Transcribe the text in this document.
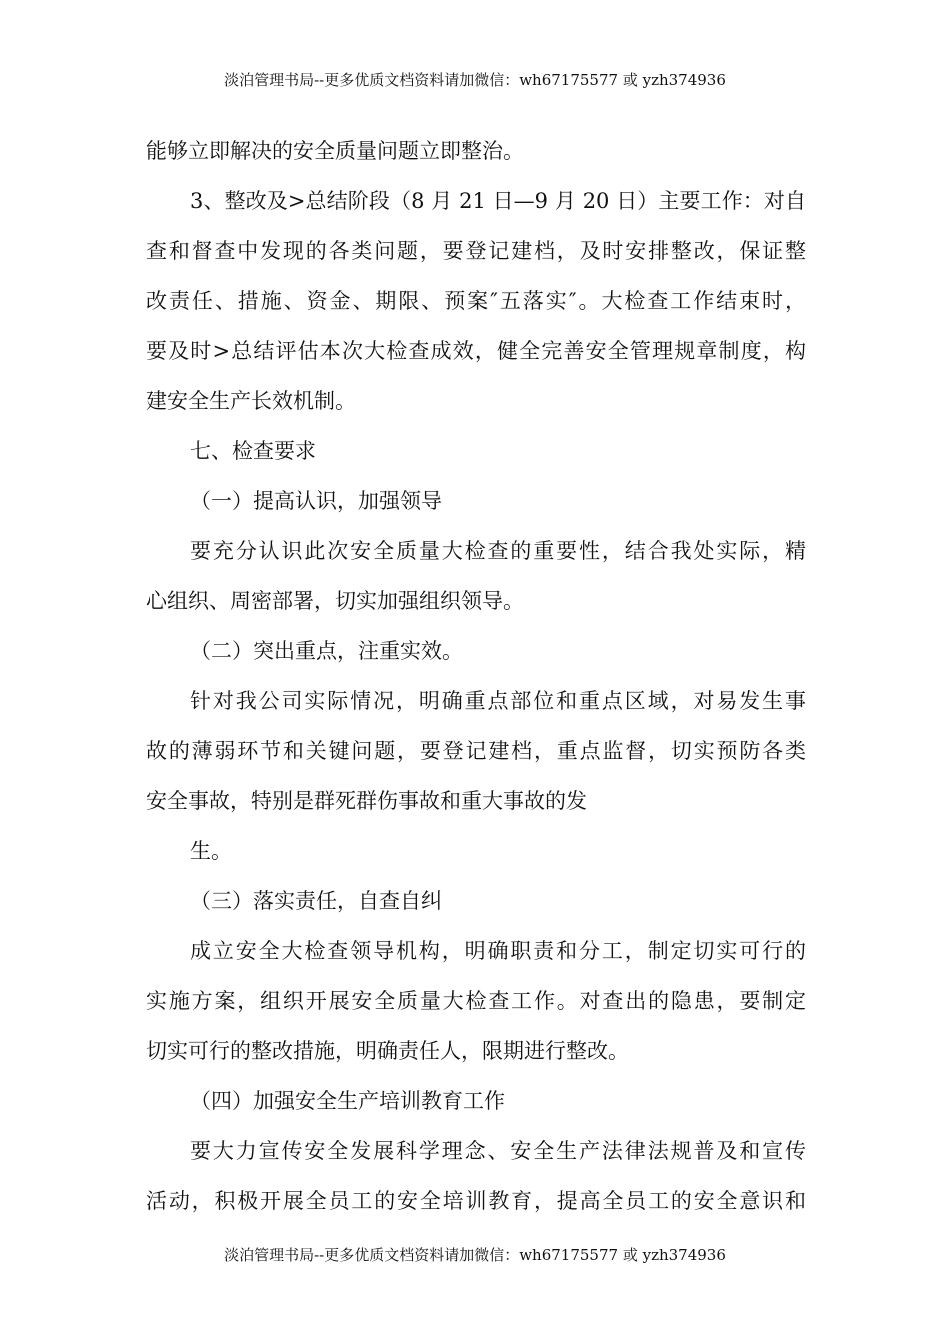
淡泊管理书局--更多优质文档资料请加微信：wh67175577 或 yzh374936
能够立即解决的安全质量问题立即整治。
3、整改及>总结阶段（8 月 21 日—9 月 20 日）主要工作：对自
查和督查中发现的各类问题，要登记建档，及时安排整改，保证整
改责任、措施、资金、期限、预案″五落实″。大检查工作结束时，
要及时>总结评估本次大检查成效，健全完善安全管理规章制度，构
建安全生产长效机制。
七、检查要求
（一）提高认识，加强领导
要充分认识此次安全质量大检查的重要性，结合我处实际，精
心组织、周密部署，切实加强组织领导。
（二）突出重点，注重实效。
针对我公司实际情况，明确重点部位和重点区域，对易发生事
故的薄弱环节和关键问题，要登记建档，重点监督，切实预防各类
安全事故，特别是群死群伤事故和重大事故的发
生。
（三）落实责任，自查自纠
成立安全大检查领导机构，明确职责和分工，制定切实可行的
实施方案，组织开展安全质量大检查工作。对查出的隐患，要制定
切实可行的整改措施，明确责任人，限期进行整改。
（四）加强安全生产培训教育工作
要大力宣传安全发展科学理念、安全生产法律法规普及和宣传
活动，积极开展全员工的安全培训教育，提高全员工的安全意识和
淡泊管理书局--更多优质文档资料请加微信：wh67175577 或 yzh374936
